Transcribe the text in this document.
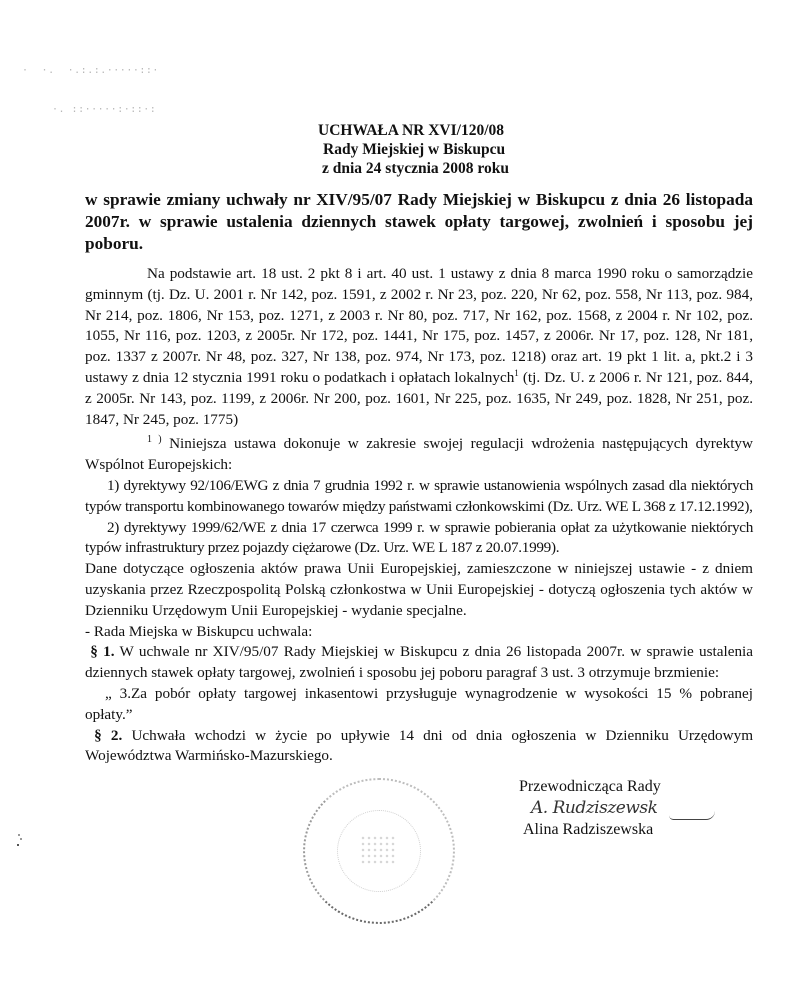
·  ·.  ·.:.:.·····::·

·. ::·····:·::·:

UCHWAŁA NR XVI/120/08
Rady Miejskiej w Biskupcu
z dnia 24 stycznia 2008 roku
w sprawie zmiany uchwały nr XIV/95/07 Rady Miejskiej w Biskupcu z dnia 26 listopada 2007r. w sprawie ustalenia dziennych stawek opłaty targowej, zwolnień i sposobu jej poboru.

Na podstawie art. 18 ust. 2 pkt 8 i art. 40 ust. 1 ustawy z dnia 8 marca 1990 roku o samorządzie gminnym (tj. Dz. U. 2001 r. Nr 142, poz. 1591, z 2002 r. Nr 23, poz. 220, Nr 62, poz. 558, Nr 113, poz. 984, Nr 214, poz. 1806, Nr 153, poz. 1271, z 2003 r. Nr 80, poz. 717, Nr 162, poz. 1568, z 2004 r. Nr 102, poz. 1055, Nr 116, poz. 1203, z 2005r. Nr 172, poz. 1441, Nr 175, poz. 1457, z 2006r. Nr 17, poz. 128, Nr 181, poz. 1337 z 2007r. Nr 48, poz. 327, Nr 138, poz. 974, Nr 173, poz. 1218) oraz art. 19 pkt 1 lit. a, pkt.2 i 3 ustawy z dnia 12 stycznia 1991 roku o podatkach i opłatach lokalnych$^1$ (tj. Dz. U. z 2006 r. Nr 121, poz. 844, z 2005r. Nr 143, poz. 1199, z 2006r. Nr 200, poz. 1601, Nr 225, poz. 1635, Nr 249, poz. 1828, Nr 251, poz. 1847, Nr 245, poz. 1775)

$^{1 )}$ Niniejsza ustawa dokonuje w zakresie swojej regulacji wdrożenia następujących dyrektyw Wspólnot Europejskich:

1) dyrektywy 92/106/EWG z dnia 7 grudnia 1992 r. w sprawie ustanowienia wspólnych zasad dla niektórych typów transportu kombinowanego towarów między państwami członkowskimi (Dz. Urz. WE L 368 z 17.12.1992),

2) dyrektywy 1999/62/WE z dnia 17 czerwca 1999 r. w sprawie pobierania opłat za użytkowanie niektórych typów infrastruktury przez pojazdy ciężarowe (Dz. Urz. WE L 187 z 20.07.1999).

Dane dotyczące ogłoszenia aktów prawa Unii Europejskiej, zamieszczone w niniejszej ustawie - z dniem uzyskania przez Rzeczpospolitą Polską członkostwa w Unii Europejskiej - dotyczą ogłoszenia tych aktów w Dzienniku Urzędowym Unii Europejskiej - wydanie specjalne.

- Rada Miejska w Biskupcu uchwala:

§ 1. W uchwale nr XIV/95/07 Rady Miejskiej w Biskupcu z dnia 26 listopada 2007r. w sprawie ustalenia dziennych stawek opłaty targowej, zwolnień i sposobu jej poboru paragraf 3 ust. 3 otrzymuje brzmienie:

„ 3.Za pobór opłaty targowej inkasentowi przysługuje wynagrodzenie w wysokości 15 % pobranej opłaty.”

§ 2. Uchwała wchodzi w życie po upływie 14 dni od dnia ogłoszenia w Dzienniku Urzędowym Województwa Warmińsko-Mazurskiego.

Przewodnicząca Rady
A. Rudziszewsk
Alina Radziszewska
